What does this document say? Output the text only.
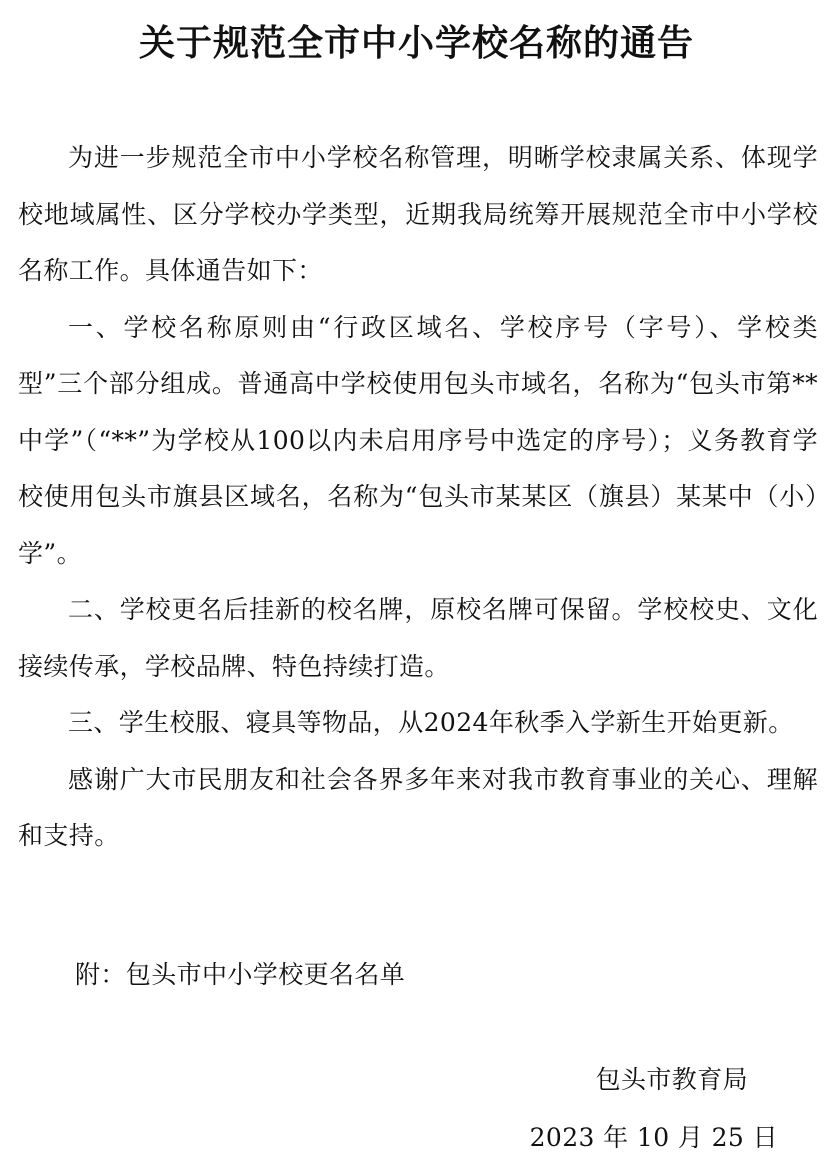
关于规范全市中小学校名称的通告

为进一步规范全市中小学校名称管理，明晰学校隶属关系、体现学校地域属性、区分学校办学类型，近期我局统筹开展规范全市中小学校名称工作。具体通告如下：

一、学校名称原则由“行政区域名、学校序号（字号）、学校类型”三个部分组成。普通高中学校使用包头市域名，名称为“包头市第**中学”（“**”为学校从100以内未启用序号中选定的序号）；义务教育学校使用包头市旗县区域名，名称为“包头市某某区（旗县）某某中（小）学”。

二、学校更名后挂新的校名牌，原校名牌可保留。学校校史、文化接续传承，学校品牌、特色持续打造。

三、学生校服、寝具等物品，从2024年秋季入学新生开始更新。

感谢广大市民朋友和社会各界多年来对我市教育事业的关心、理解和支持。

附：包头市中小学校更名名单
包头市教育局
2023 年 10 月 25 日
